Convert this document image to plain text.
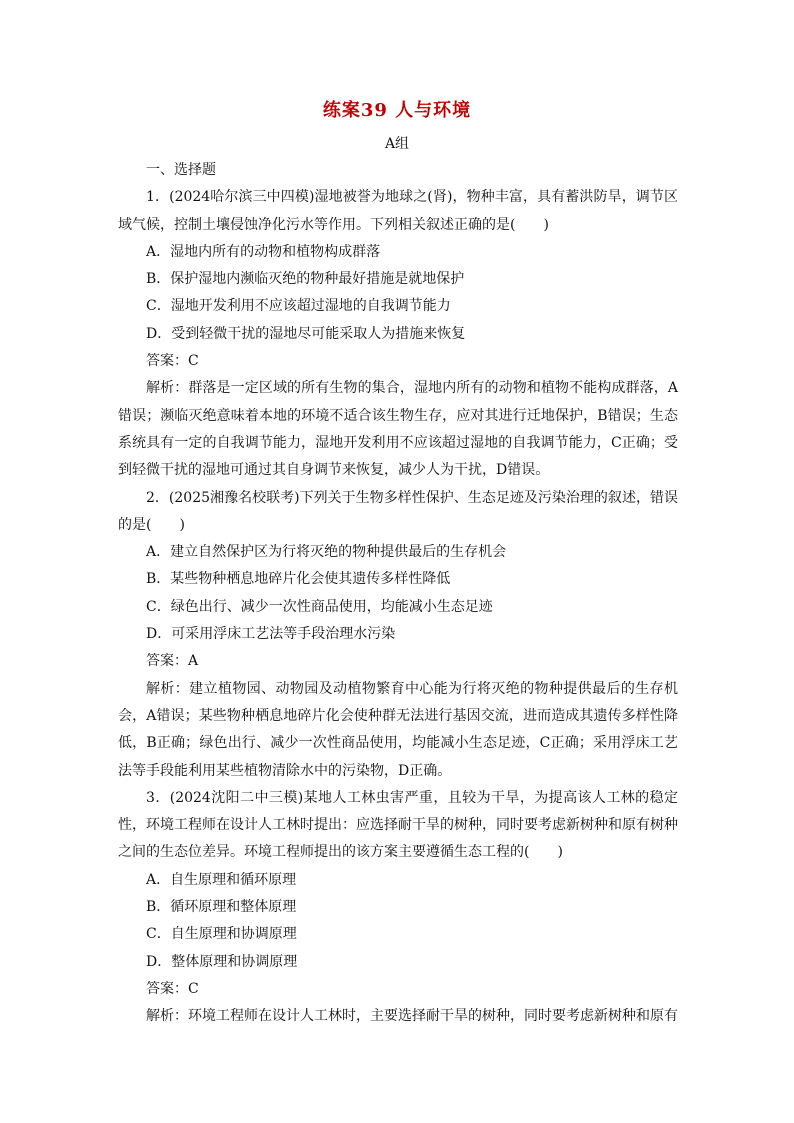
练案39 人与环境
A组

一、选择题

1．(2024哈尔滨三中四模)湿地被誉为地球之(肾)，物种丰富，具有蓄洪防旱，调节区域气候，控制土壤侵蚀净化污水等作用。下列相关叙述正确的是(　　)

A．湿地内所有的动物和植物构成群落

B．保护湿地内濒临灭绝的物种最好措施是就地保护

C．湿地开发利用不应该超过湿地的自我调节能力

D．受到轻微干扰的湿地尽可能采取人为措施来恢复

答案：C

解析：群落是一定区域的所有生物的集合，湿地内所有的动物和植物不能构成群落，A错误；濒临灭绝意味着本地的环境不适合该生物生存，应对其进行迁地保护，B错误；生态系统具有一定的自我调节能力，湿地开发利用不应该超过湿地的自我调节能力，C正确；受到轻微干扰的湿地可通过其自身调节来恢复，减少人为干扰，D错误。

2．(2025湘豫名校联考)下列关于生物多样性保护、生态足迹及污染治理的叙述，错误的是(　　)

A．建立自然保护区为行将灭绝的物种提供最后的生存机会

B．某些物种栖息地碎片化会使其遗传多样性降低

C．绿色出行、减少一次性商品使用，均能减小生态足迹

D．可采用浮床工艺法等手段治理水污染

答案：A

解析：建立植物园、动物园及动植物繁育中心能为行将灭绝的物种提供最后的生存机会，A错误；某些物种栖息地碎片化会使种群无法进行基因交流，进而造成其遗传多样性降低，B正确；绿色出行、减少一次性商品使用，均能减小生态足迹，C正确；采用浮床工艺法等手段能利用某些植物清除水中的污染物，D正确。

3．(2024沈阳二中三模)某地人工林虫害严重，且较为干旱，为提高该人工林的稳定性，环境工程师在设计人工林时提出：应选择耐干旱的树种，同时要考虑新树种和原有树种之间的生态位差异。环境工程师提出的该方案主要遵循生态工程的(　　)

A．自生原理和循环原理

B．循环原理和整体原理

C．自生原理和协调原理

D．整体原理和协调原理

答案：C

解析：环境工程师在设计人工林时，主要选择耐干旱的树种，同时要考虑新树种和原有
